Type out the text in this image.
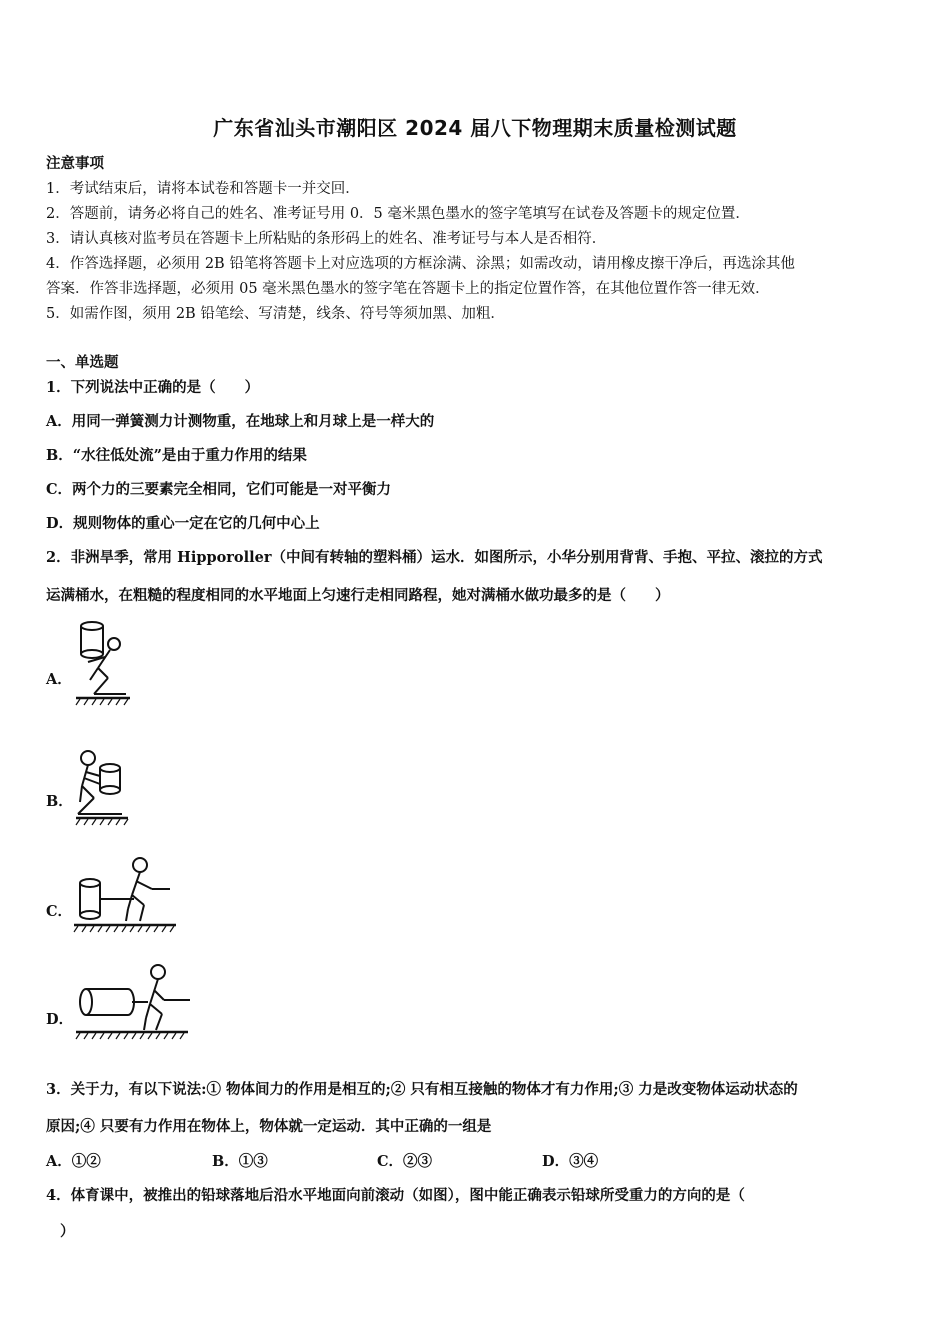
广东省汕头市潮阳区 2024 届八下物理期末质量检测试题
注意事项
1．考试结束后，请将本试卷和答题卡一并交回．
2．答题前，请务必将自己的姓名、准考证号用 0．5 毫米黑色墨水的签字笔填写在试卷及答题卡的规定位置．
3．请认真核对监考员在答题卡上所粘贴的条形码上的姓名、准考证号与本人是否相符．
4．作答选择题，必须用 2B 铅笔将答题卡上对应选项的方框涂满、涂黑；如需改动，请用橡皮擦干净后，再选涂其他
答案．作答非选择题，必须用 05 毫米黑色墨水的签字笔在答题卡上的指定位置作答，在其他位置作答一律无效．
5．如需作图，须用 2B 铅笔绘、写清楚，线条、符号等须加黑、加粗．
一、单选题
1．下列说法中正确的是（　　）
A．用同一弹簧测力计测物重，在地球上和月球上是一样大的
B．“水往低处流”是由于重力作用的结果
C．两个力的三要素完全相同，它们可能是一对平衡力
D．规则物体的重心一定在它的几何中心上
2．非洲旱季，常用 Hipporoller（中间有转轴的塑料桶）运水．如图所示，小华分别用背背、手抱、平拉、滚拉的方式
运满桶水，在粗糙的程度相同的水平地面上匀速行走相同路程，她对满桶水做功最多的是（　　）
A．
B．
C．
D．
3．关于力，有以下说法:① 物体间力的作用是相互的;② 只有相互接触的物体才有力作用;③ 力是改变物体运动状态的
原因;④ 只要有力作用在物体上，物体就一定运动．其中正确的一组是
A．①②	B．①③	C．②③	D．③④
4．体育课中，被推出的铅球落地后沿水平地面向前滚动（如图），图中能正确表示铅球所受重力的方向的是（
）
